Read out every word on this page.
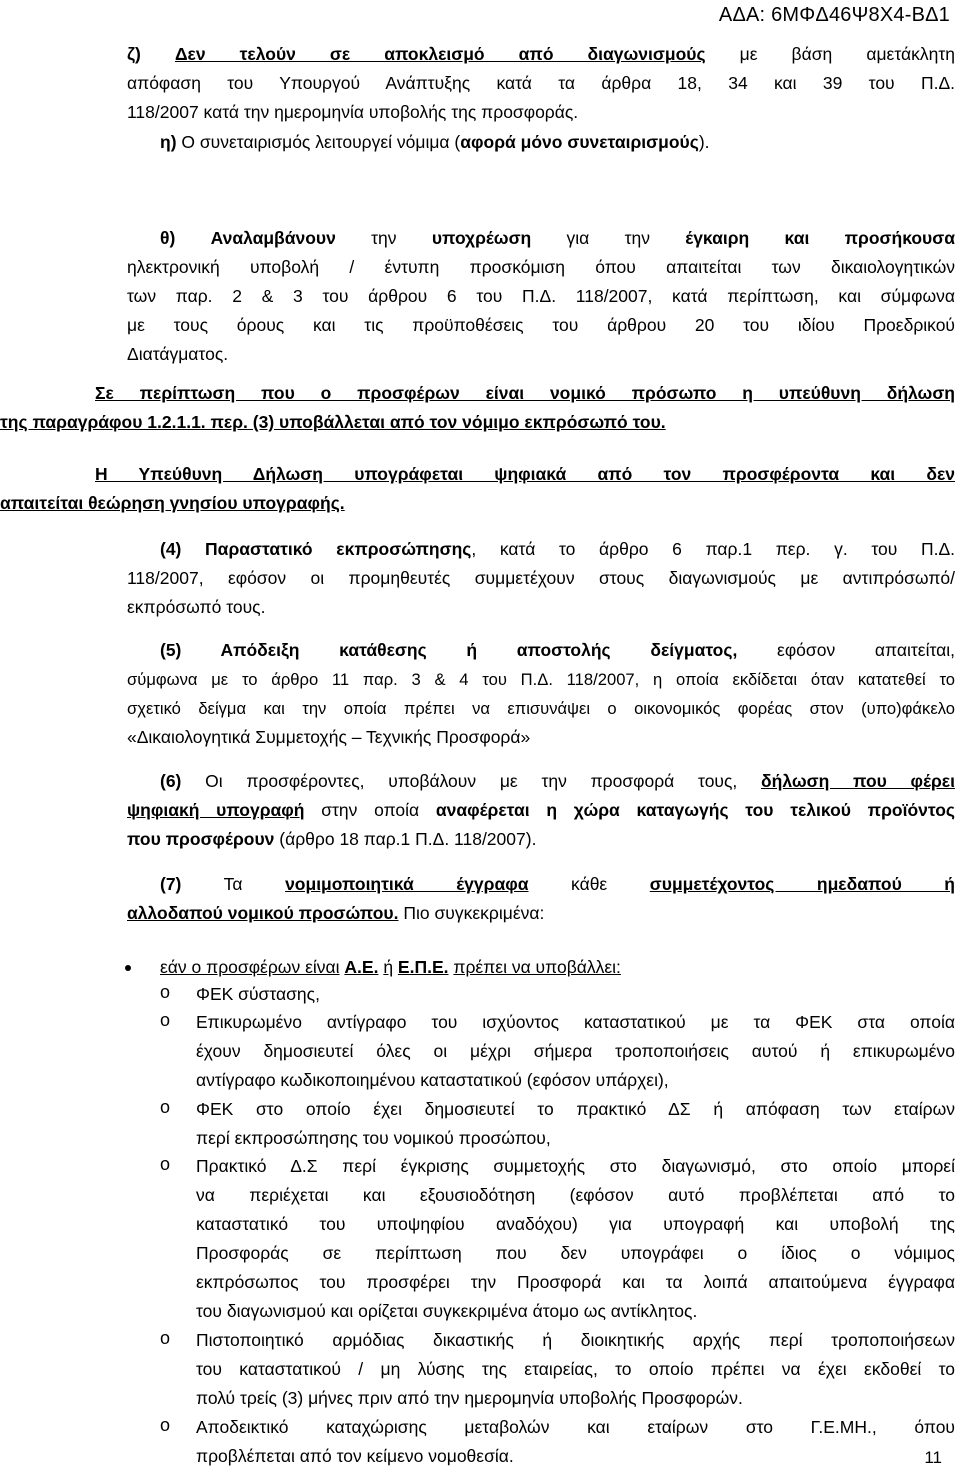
ΑΔΑ: 6ΜΦΔ46Ψ8Χ4-ΒΔ1
ζ) Δεν τελούν σε αποκλεισμό από διαγωνισμούς με βάση αμετάκλητη
απόφαση του Υπουργού Ανάπτυξης κατά τα άρθρα 18, 34 και 39 του Π.Δ.
118/2007 κατά την ημερομηνία υποβολής της προσφοράς.
η) Ο συνεταιρισμός λειτουργεί νόμιμα (αφορά μόνο συνεταιρισμούς).
θ) Αναλαμβάνουν την υποχρέωση για την έγκαιρη και προσήκουσα
ηλεκτρονική υποβολή / έντυπη προσκόμιση όπου απαιτείται των δικαιολογητικών
των παρ. 2 & 3 του άρθρου 6 του Π.Δ. 118/2007, κατά περίπτωση, και σύμφωνα
με τους όρους και τις προϋποθέσεις του άρθρου 20 του ιδίου Προεδρικού
Διατάγματος.
Σε περίπτωση που ο προσφέρων είναι νομικό πρόσωπο η υπεύθυνη δήλωση
της παραγράφου 1.2.1.1. περ. (3) υποβάλλεται από τον νόμιμο εκπρόσωπό του.
Η Υπεύθυνη Δήλωση υπογράφεται ψηφιακά από τον προσφέροντα και δεν
απαιτείται θεώρηση γνησίου υπογραφής.
(4) Παραστατικό εκπροσώπησης, κατά το άρθρο 6 παρ.1 περ. γ. του Π.Δ.
118/2007, εφόσον οι προμηθευτές συμμετέχουν στους διαγωνισμούς με αντιπρόσωπό/
εκπρόσωπό τους.
(5) Απόδειξη κατάθεσης ή αποστολής δείγματος, εφόσον απαιτείται,
σύμφωνα με το άρθρο 11 παρ. 3 & 4 του Π.Δ. 118/2007, η οποία εκδίδεται όταν κατατεθεί το
σχετικό δείγμα και την οποία πρέπει να επισυνάψει ο οικονομικός φορέας στον (υπο)φάκελο
«Δικαιολογητικά Συμμετοχής – Τεχνικής Προσφορά»
(6) Οι προσφέροντες, υποβάλουν με την προσφορά τους, δήλωση που φέρει
ψηφιακή υπογραφή στην οποία αναφέρεται η χώρα καταγωγής του τελικού προϊόντος
που προσφέρουν (άρθρο 18 παρ.1 Π.Δ. 118/2007).
(7) Τα νομιμοποιητικά έγγραφα κάθε συμμετέχοντος ημεδαπού ή
αλλοδαπού νομικού προσώπου. Πιο συγκεκριμένα:
εάν ο προσφέρων είναι Α.Ε. ή Ε.Π.Ε. πρέπει να υποβάλλει:
o ΦΕΚ σύστασης,
o Επικυρωμένο αντίγραφο του ισχύοντος καταστατικού με τα ΦΕΚ στα οποία
έχουν δημοσιευτεί όλες οι μέχρι σήμερα τροποποιήσεις αυτού ή επικυρωμένο
αντίγραφο κωδικοποιημένου καταστατικού (εφόσον υπάρχει),
o ΦΕΚ στο οποίο έχει δημοσιευτεί το πρακτικό ΔΣ ή απόφαση των εταίρων
περί εκπροσώπησης του νομικού προσώπου,
o Πρακτικό Δ.Σ περί έγκρισης συμμετοχής στο διαγωνισμό, στο οποίο μπορεί
να περιέχεται και εξουσιοδότηση (εφόσον αυτό προβλέπεται από το
καταστατικό του υποψηφίου αναδόχου) για υπογραφή και υποβολή της
Προσφοράς σε περίπτωση που δεν υπογράφει ο ίδιος ο νόμιμος
εκπρόσωπος του προσφέρει την Προσφορά και τα λοιπά απαιτούμενα έγγραφα
του διαγωνισμού και ορίζεται συγκεκριμένα άτομο ως αντίκλητος.
o Πιστοποιητικό αρμόδιας δικαστικής ή διοικητικής αρχής περί τροποποιήσεων
του καταστατικού / μη λύσης της εταιρείας, το οποίο πρέπει να έχει εκδοθεί το
πολύ τρείς (3) μήνες πριν από την ημερομηνία υποβολής Προσφορών.
o Αποδεικτικό καταχώρισης μεταβολών και εταίρων στο Γ.Ε.ΜΗ., όπου
προβλέπεται από τον κείμενο νομοθεσία.	11
